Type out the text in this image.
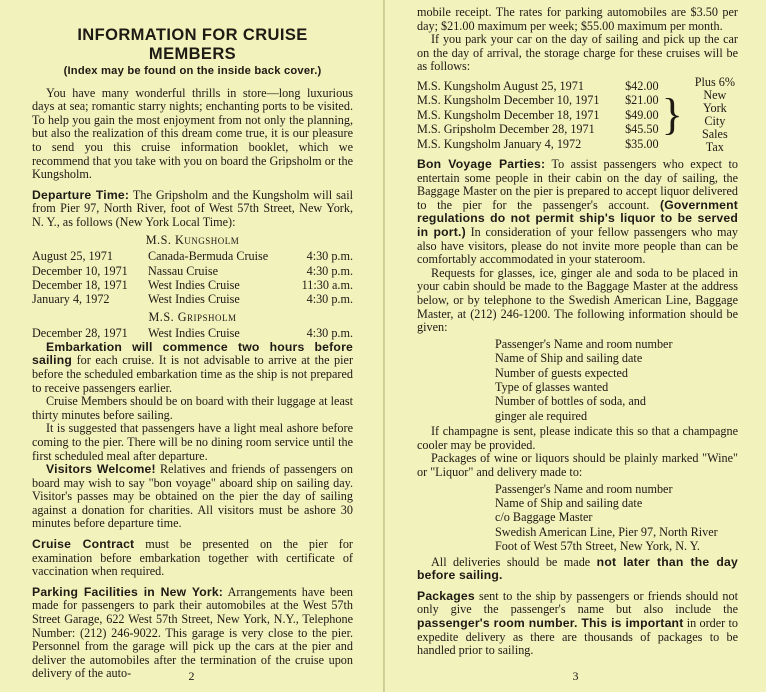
INFORMATION FOR CRUISE MEMBERS
(Index may be found on the inside back cover.)

You have many wonderful thrills in store—long luxurious days at sea; romantic starry nights; enchanting ports to be visited. To help you gain the most enjoyment from not only the planning, but also the realization of this dream come true, it is our pleasure to send you this cruise information booklet, which we recommend that you take with you on board the Gripsholm or the Kungsholm.

Departure Time: The Gripsholm and the Kungsholm will sail from Pier 97, North River, foot of West 57th Street, New York, N. Y., as follows (New York Local Time):

M.S. Kungsholm
August 25, 1971	Canada-Bermuda Cruise	4:30 p.m.
December 10, 1971	Nassau Cruise	4:30 p.m.
December 18, 1971	West Indies Cruise	11:30 a.m.
January 4, 1972	West Indies Cruise	4:30 p.m.
M.S. Gripsholm
December 28, 1971	West Indies Cruise	4:30 p.m.

Embarkation will commence two hours before sailing for each cruise. It is not advisable to arrive at the pier before the scheduled embarkation time as the ship is not prepared to receive passengers earlier.

Cruise Members should be on board with their luggage at least thirty minutes before sailing.

It is suggested that passengers have a light meal ashore before coming to the pier. There will be no dining room service until the first scheduled meal after departure.

Visitors Welcome! Relatives and friends of passengers on board may wish to say "bon voyage" aboard ship on sailing day. Visitor's passes may be obtained on the pier the day of sailing against a donation for charities. All visitors must be ashore 30 minutes before departure time.

Cruise Contract must be presented on the pier for examination before embarkation together with certificate of vaccination when required.

Parking Facilities in New York: Arrangements have been made for passengers to park their automobiles at the West 57th Street Garage, 622 West 57th Street, New York, N.Y., Telephone Number: (212) 246-9022. This garage is very close to the pier. Personnel from the garage will pick up the cars at the pier and deliver the automobiles after the termination of the cruise upon delivery of the auto-	2

mobile receipt. The rates for parking automobiles are $3.50 per day; $21.00 maximum per week; $55.00 maximum per month.

If you park your car on the day of sailing and pick up the car on the day of arrival, the storage charge for these cruises will be as follows:

M.S. Kungsholm August 25, 1971	$42.00
M.S. Kungsholm December 10, 1971 $21.00
M.S. Kungsholm December 18, 1971 $49.00
M.S. Gripsholm December 28, 1971 $45.50
M.S. Kungsholm January 4, 1972	$35.00
}
Plus 6%
New York
City
Sales Tax

Bon Voyage Parties: To assist passengers who expect to entertain some people in their cabin on the day of sailing, the Baggage Master on the pier is prepared to accept liquor delivered to the pier for the passenger's account. (Government regulations do not permit ship's liquor to be served in port.) In consideration of your fellow passengers who may also have visitors, please do not invite more people than can be comfortably accommodated in your stateroom.

Requests for glasses, ice, ginger ale and soda to be placed in your cabin should be made to the Baggage Master at the address below, or by telephone to the Swedish American Line, Baggage Master, at (212) 246-1200. The following information should be given:

Passenger's Name and room number
Name of Ship and sailing date
Number of guests expected
Type of glasses wanted
Number of bottles of soda, and
ginger ale required

If champagne is sent, please indicate this so that a champagne cooler may be provided.

Packages of wine or liquors should be plainly marked "Wine" or "Liquor" and delivery made to:

Passenger's Name and room number
Name of Ship and sailing date
c/o Baggage Master
Swedish American Line, Pier 97, North River
Foot of West 57th Street, New York, N. Y.

All deliveries should be made not later than the day before sailing.

Packages sent to the ship by passengers or friends should not only give the passenger's name but also include the passenger's room number. This is important in order to expedite delivery as there are thousands of packages to be handled prior to sailing.

3
